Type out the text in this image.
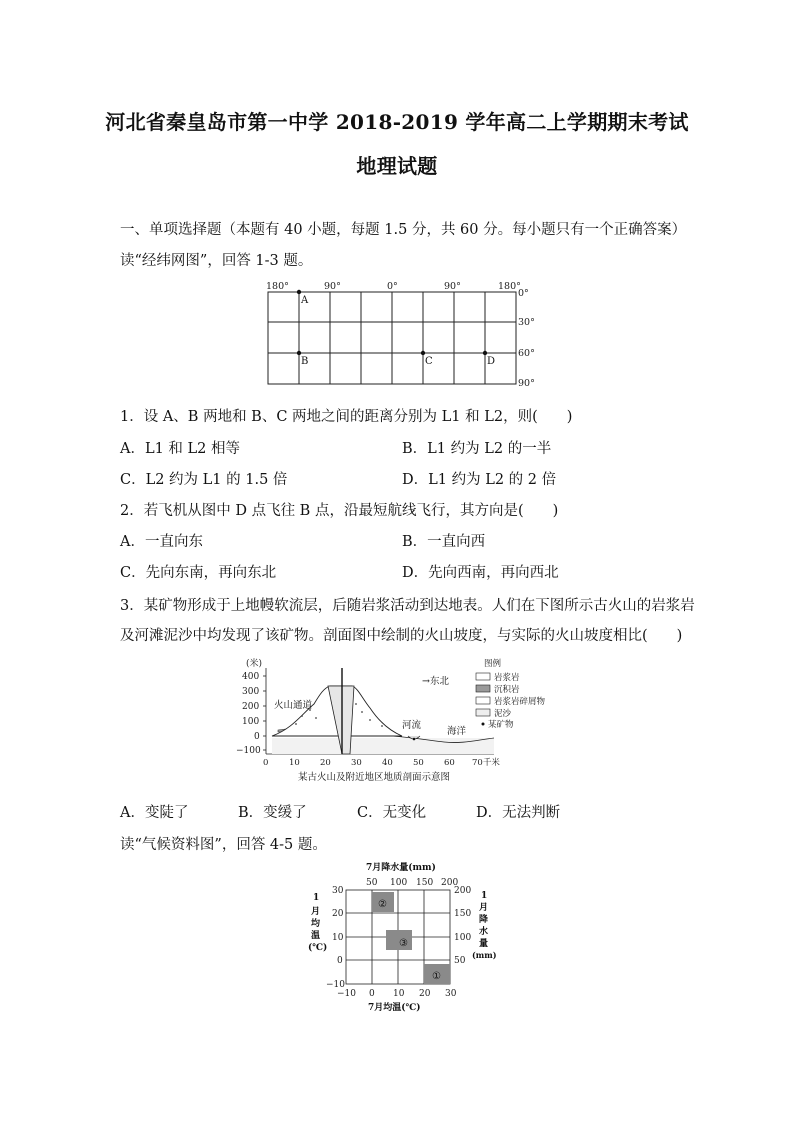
河北省秦皇岛市第一中学 2018-2019 学年高二上学期期末考试
地理试题
一、单项选择题（本题有 40 小题，每题 1.5 分，共 60 分。每小题只有一个正确答案）
读“经纬网图”，回答 1-3 题。
180°	90°	0°	90°	180°
0°
30°
60°
90°
A
B	C	D
1．设 A、B 两地和 B、C 两地之间的距离分别为 L1 和 L2，则(　　)
A．L1 和 L2 相等	B．L1 约为 L2 的一半
C．L2 约为 L1 的 1.5 倍	D．L1 约为 L2 的 2 倍
2．若飞机从图中 D 点飞往 B 点，沿最短航线飞行，其方向是(　　)
A．一直向东	B．一直向西
C．先向东南，再向东北	D．先向西南，再向西北
3．某矿物形成于上地幔软流层，后随岩浆活动到达地表。人们在下图所示古火山的岩浆岩
及河滩泥沙中均发现了该矿物。剖面图中绘制的火山坡度，与实际的火山坡度相比(　　)
(米)
400
300
200
100
0
−100
火山通道
河流
海洋
→东北
0 10 20 30 40 50 60 70千米
图例
岩浆岩
沉积岩
岩浆岩碎屑物
泥沙
某矿物
某古火山及附近地区地质剖面示意图
A．变陡了	B．变缓了	C．无变化	D．无法判断
读“气候资料图”，回答 4-5 题。
7月降水量(mm)
50 100 150 200
②
③
①
1
月
均
温
(℃)
30
20
10
0
−10
200
150
100
50
1
月
降
水
量
(mm)
−10 0 10 20 30
7月均温(℃)
